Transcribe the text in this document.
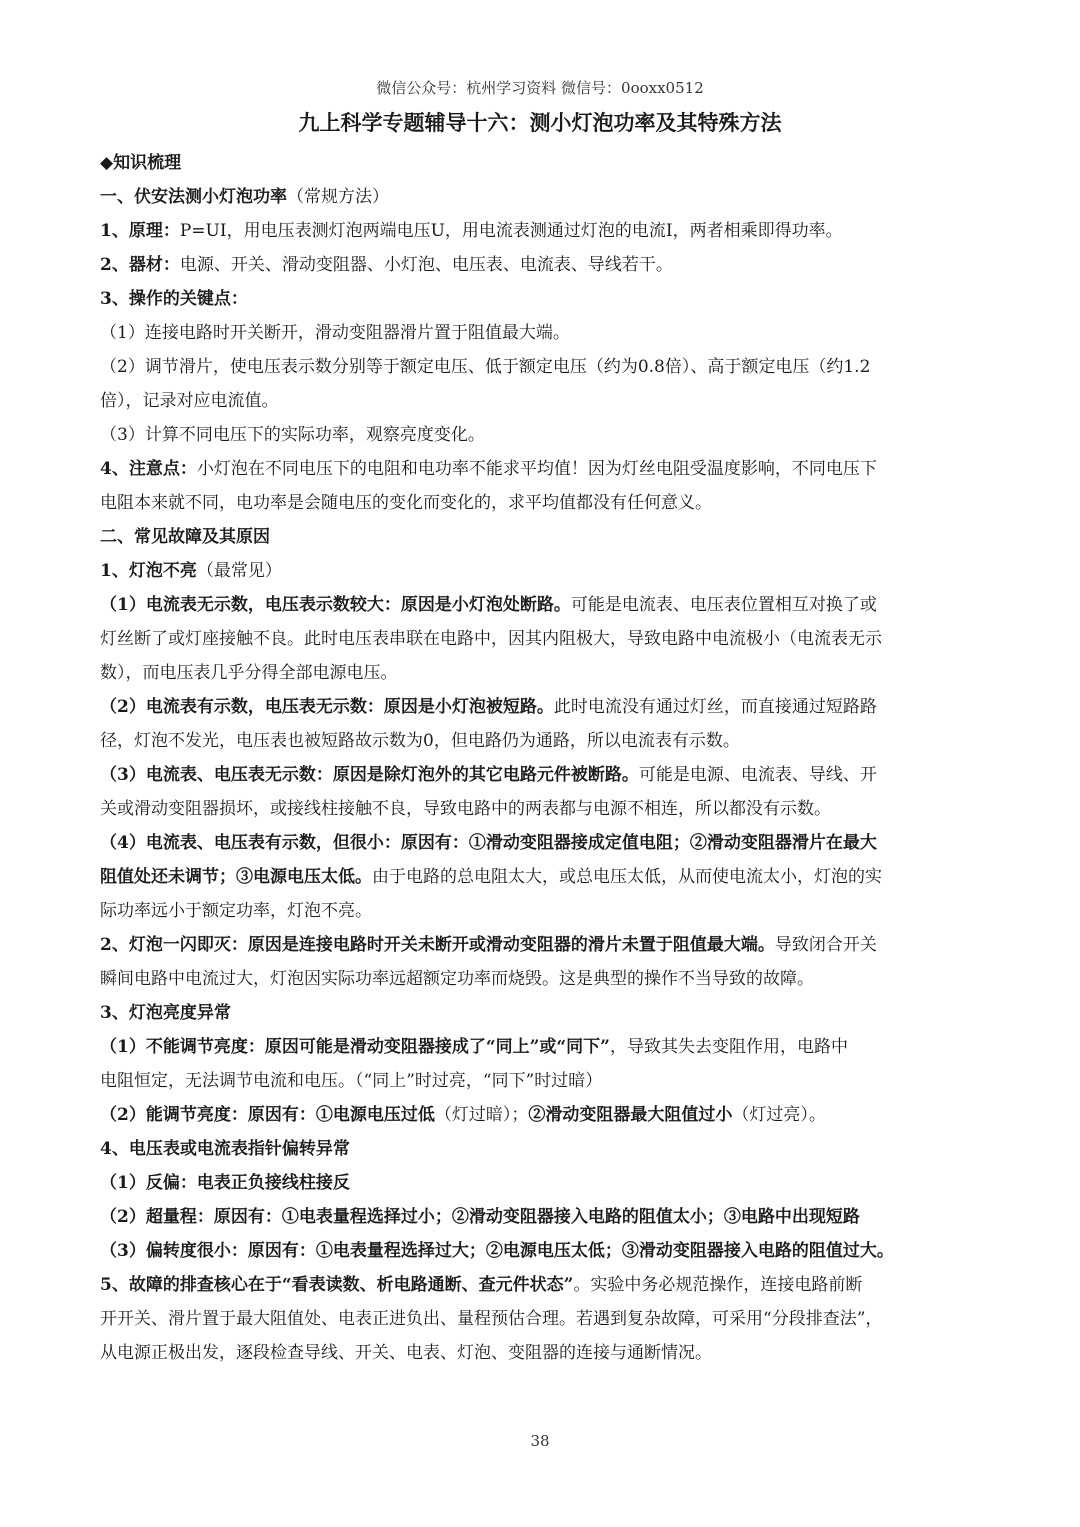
微信公众号：杭州学习资料 微信号：0ooxx0512
九上科学专题辅导十六：测小灯泡功率及其特殊方法

◆知识梳理

一、伏安法测小灯泡功率（常规方法）

1、原理：P=UI，用电压表测灯泡两端电压U，用电流表测通过灯泡的电流I，两者相乘即得功率。

2、器材：电源、开关、滑动变阻器、小灯泡、电压表、电流表、导线若干。

3、操作的关键点：

（1）连接电路时开关断开，滑动变阻器滑片置于阻值最大端。

（2）调节滑片，使电压表示数分别等于额定电压、低于额定电压（约为0.8倍）、高于额定电压（约1.2

倍），记录对应电流值。

（3）计算不同电压下的实际功率，观察亮度变化。

4、注意点：小灯泡在不同电压下的电阻和电功率不能求平均值！因为灯丝电阻受温度影响，不同电压下

电阻本来就不同，电功率是会随电压的变化而变化的，求平均值都没有任何意义。

二、常见故障及其原因

1、灯泡不亮（最常见）

（1）电流表无示数，电压表示数较大：原因是小灯泡处断路。可能是电流表、电压表位置相互对换了或

灯丝断了或灯座接触不良。此时电压表串联在电路中，因其内阻极大，导致电路中电流极小（电流表无示

数），而电压表几乎分得全部电源电压。

（2）电流表有示数，电压表无示数：原因是小灯泡被短路。此时电流没有通过灯丝，而直接通过短路路

径，灯泡不发光，电压表也被短路故示数为0，但电路仍为通路，所以电流表有示数。

（3）电流表、电压表无示数：原因是除灯泡外的其它电路元件被断路。可能是电源、电流表、导线、开

关或滑动变阻器损坏，或接线柱接触不良，导致电路中的两表都与电源不相连，所以都没有示数。

（4）电流表、电压表有示数，但很小：原因有：①滑动变阻器接成定值电阻；②滑动变阻器滑片在最大

阻值处还未调节；③电源电压太低。由于电路的总电阻太大，或总电压太低，从而使电流太小，灯泡的实

际功率远小于额定功率，灯泡不亮。

2、灯泡一闪即灭：原因是连接电路时开关未断开或滑动变阻器的滑片未置于阻值最大端。导致闭合开关

瞬间电路中电流过大，灯泡因实际功率远超额定功率而烧毁。这是典型的操作不当导致的故障。

3、灯泡亮度异常

（1）不能调节亮度：原因可能是滑动变阻器接成了“同上”或“同下”，导致其失去变阻作用，电路中

电阻恒定，无法调节电流和电压。（“同上”时过亮，“同下”时过暗）

（2）能调节亮度：原因有：①电源电压过低（灯过暗）；②滑动变阻器最大阻值过小（灯过亮）。

4、电压表或电流表指针偏转异常

（1）反偏：电表正负接线柱接反

（2）超量程：原因有：①电表量程选择过小；②滑动变阻器接入电路的阻值太小；③电路中出现短路

（3）偏转度很小：原因有：①电表量程选择过大；②电源电压太低；③滑动变阻器接入电路的阻值过大。

5、故障的排查核心在于“看表读数、析电路通断、查元件状态”。实验中务必规范操作，连接电路前断

开开关、滑片置于最大阻值处、电表正进负出、量程预估合理。若遇到复杂故障，可采用“分段排查法”，

从电源正极出发，逐段检查导线、开关、电表、灯泡、变阻器的连接与通断情况。

38
